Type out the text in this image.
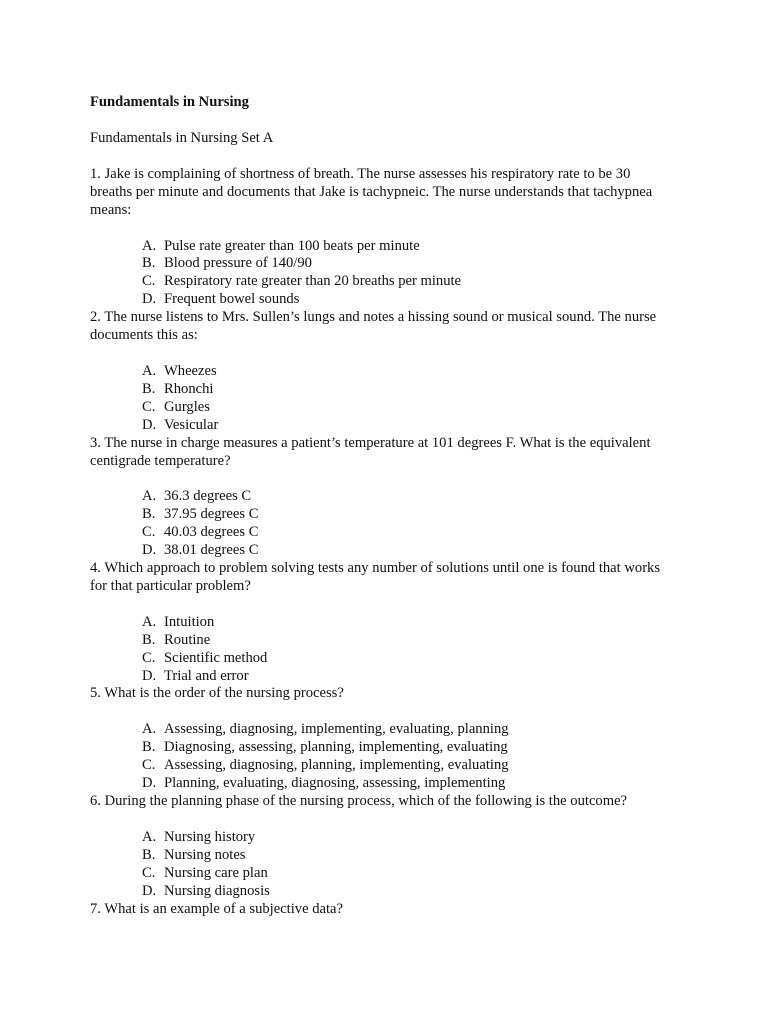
Fundamentals in Nursing

Fundamentals in Nursing Set A

1. Jake is complaining of shortness of breath. The nurse assesses his respiratory rate to be 30 breaths per minute and documents that Jake is tachypneic. The nurse understands that tachypnea means:

A. Pulse rate greater than 100 beats per minute
B. Blood pressure of 140/90
C. Respiratory rate greater than 20 breaths per minute
D. Frequent bowel sounds

2. The nurse listens to Mrs. Sullen’s lungs and notes a hissing sound or musical sound. The nurse documents this as:

A. Wheezes
B. Rhonchi
C. Gurgles
D. Vesicular

3. The nurse in charge measures a patient’s temperature at 101 degrees F. What is the equivalent centigrade temperature?

A. 36.3 degrees C
B. 37.95 degrees C
C. 40.03 degrees C
D. 38.01 degrees C

4. Which approach to problem solving tests any number of solutions until one is found that works for that particular problem?

A. Intuition
B. Routine
C. Scientific method
D. Trial and error

5. What is the order of the nursing process?

A. Assessing, diagnosing, implementing, evaluating, planning
B. Diagnosing, assessing, planning, implementing, evaluating
C. Assessing, diagnosing, planning, implementing, evaluating
D. Planning, evaluating, diagnosing, assessing, implementing

6. During the planning phase of the nursing process, which of the following is the outcome?

A. Nursing history
B. Nursing notes
C. Nursing care plan
D. Nursing diagnosis

7. What is an example of a subjective data?
